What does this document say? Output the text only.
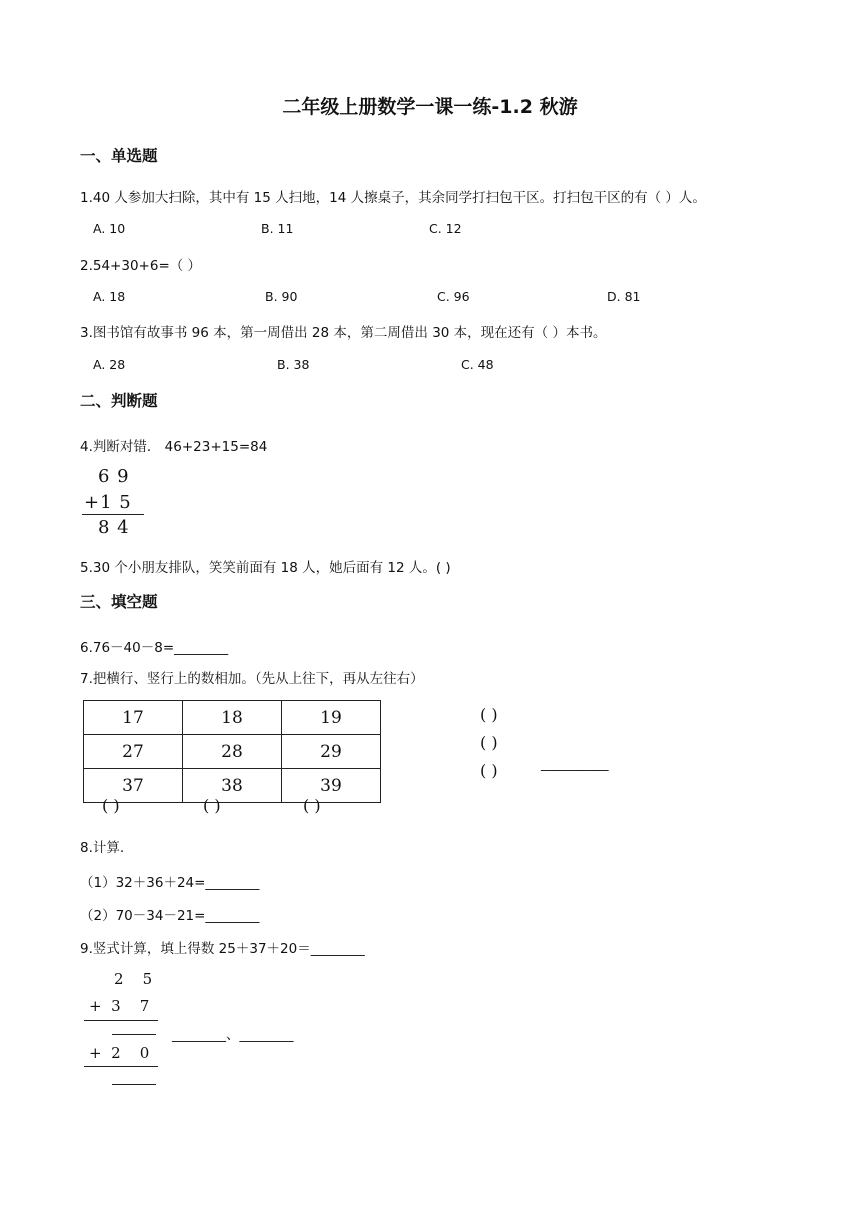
二年级上册数学一课一练-1.2 秋游
一、单选题
1.40 人参加大扫除，其中有 15 人扫地，14 人擦桌子，其余同学打扫包干区。打扫包干区的有（ ）人。
A. 10	B. 11	C. 12
2.54+30+6=（ ）
A. 18	B. 90	C. 96	D. 81
3.图书馆有故事书 96 本，第一周借出 28 本，第二周借出 30 本，现在还有（ ）本书。
A. 28	B. 38	C. 48
二、判断题
4.判断对错． 46+23+15=84
6 9
+1 5
8 4
5.30 个小朋友排队，笑笑前面有 18 人，她后面有 12 人。( )
三、填空题
6.76－40－8=________
7.把横行、竖行上的数相加。（先从上往下，再从左往右）
17	18	19
27	28	29
37	38	39
( )	( )	( )
( )
( )
( )	__________
8.计算.
（1）32＋36＋24=________
（2）70－34－21=________
9.竖式计算，填上得数 25＋37＋20＝________
2    5
+  3    7
________、________
+  2    0
